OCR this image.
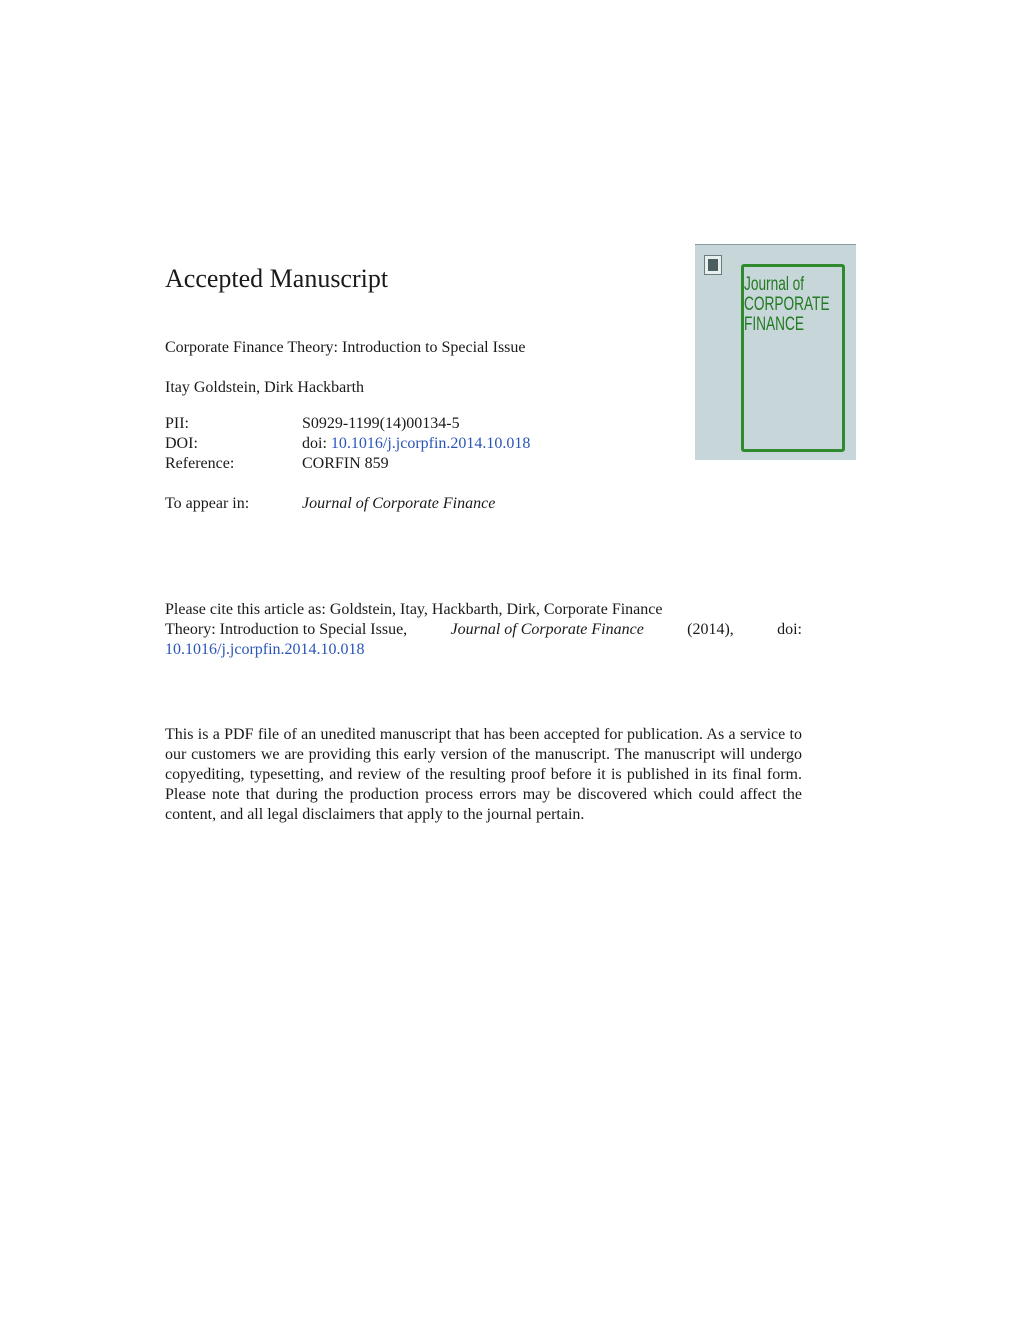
Accepted Manuscript
Corporate Finance Theory: Introduction to Special Issue
Itay Goldstein, Dirk Hackbarth
PII:	S0929-1199(14)00134-5
DOI:	doi: 10.1016/j.jcorpfin.2014.10.018
Reference:	CORFIN 859
To appear in:	Journal of Corporate Finance
Please cite this article as: Goldstein, Itay, Hackbarth, Dirk, Corporate Finance
Theory: Introduction to Special Issue,	Journal of Corporate Finance	(2014),	doi:
10.1016/j.jcorpfin.2014.10.018
This is a PDF file of an unedited manuscript that has been accepted for publication. As a service to our customers we are providing this early version of the manuscript. The manuscript will undergo copyediting, typesetting, and review of the resulting proof before it is published in its final form. Please note that during the production process errors may be discovered which could affect the content, and all legal disclaimers that apply to the journal pertain.
Journal of
CORPORATE
FINANCE
